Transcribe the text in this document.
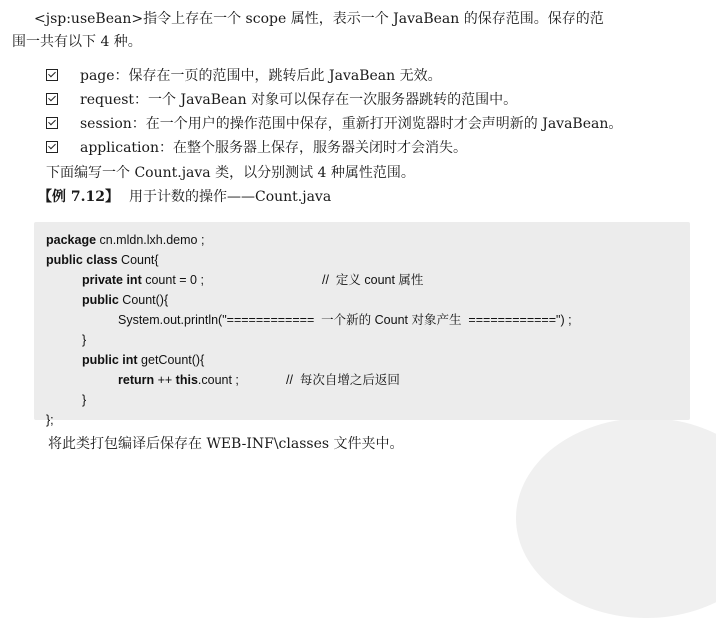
<jsp:useBean>指令上存在一个 scope 属性，表示一个 JavaBean 的保存范围。保存的范
围一共有以下 4 种。
page：保存在一页的范围中，跳转后此 JavaBean 无效。
request：一个 JavaBean 对象可以保存在一次服务器跳转的范围中。
session：在一个用户的操作范围中保存，重新打开浏览器时才会声明新的 JavaBean。
application：在整个服务器上保存，服务器关闭时才会消失。
下面编写一个 Count.java 类，以分别测试 4 种属性范围。
【例 7.12】 用于计数的操作——Count.java
package cn.mldn.lxh.demo ;
public class Count{
private int count = 0 ;	//  定义 count 属性
public Count(){
System.out.println("============  一个新的 Count 对象产生  ============") ;
}
public int getCount(){
return ++ this.count ;	//  每次自增之后返回
}
};
将此类打包编译后保存在 WEB-INF\classes 文件夹中。
